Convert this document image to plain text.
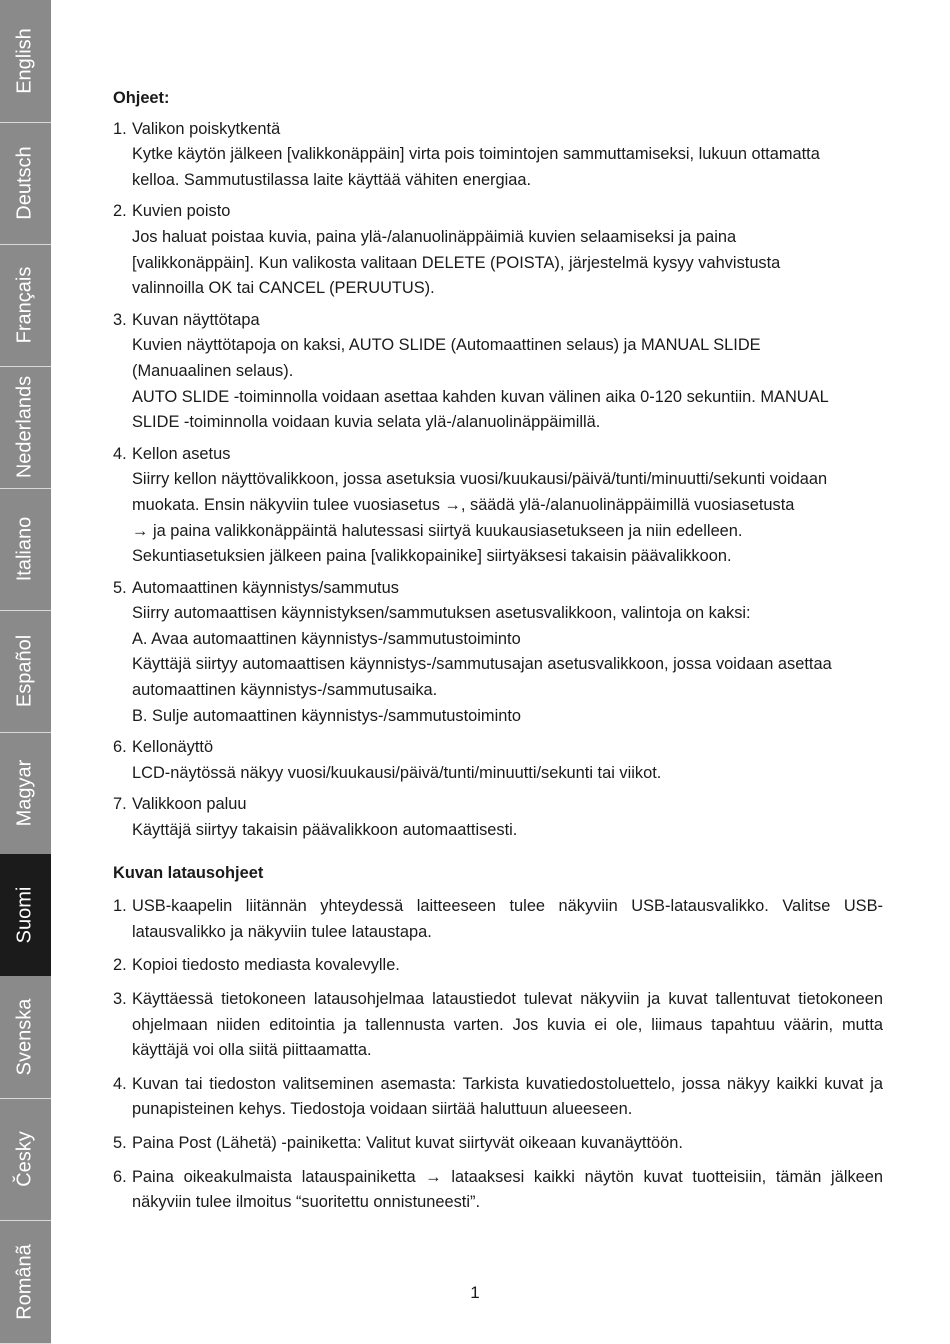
English
Deutsch
Français
Nederlands
Italiano
Español
Magyar
Suomi
Svenska
Česky
Românã
Ohjeet:
1. Valikon poiskytkentä
Kytke käytön jälkeen [valikkonäppäin] virta pois toimintojen sammuttamiseksi, lukuun ottamatta
kelloa. Sammutustilassa laite käyttää vähiten energiaa.
2. Kuvien poisto
Jos haluat poistaa kuvia, paina ylä-/alanuolinäppäimiä kuvien selaamiseksi ja paina
[valikkonäppäin]. Kun valikosta valitaan DELETE (POISTA), järjestelmä kysyy vahvistusta
valinnoilla OK tai CANCEL (PERUUTUS).
3. Kuvan näyttötapa
Kuvien näyttötapoja on kaksi, AUTO SLIDE (Automaattinen selaus) ja MANUAL SLIDE
(Manuaalinen selaus).
AUTO SLIDE -toiminnolla voidaan asettaa kahden kuvan välinen aika 0-120 sekuntiin. MANUAL
SLIDE -toiminnolla voidaan kuvia selata ylä-/alanuolinäppäimillä.
4. Kellon asetus
Siirry kellon näyttövalikkoon, jossa asetuksia vuosi/kuukausi/päivä/tunti/minuutti/sekunti voidaan
muokata. Ensin näkyviin tulee vuosiasetus →, säädä ylä-/alanuolinäppäimillä vuosiasetusta
→ ja paina valikkonäppäintä halutessasi siirtyä kuukausiasetukseen ja niin edelleen.
Sekuntiasetuksien jälkeen paina [valikkopainike] siirtyäksesi takaisin päävalikkoon.
5. Automaattinen käynnistys/sammutus
Siirry automaattisen käynnistyksen/sammutuksen asetusvalikkoon, valintoja on kaksi:
A. Avaa automaattinen käynnistys-/sammutustoiminto
Käyttäjä siirtyy automaattisen käynnistys-/sammutusajan asetusvalikkoon, jossa voidaan asettaa
automaattinen käynnistys-/sammutusaika.
B. Sulje automaattinen käynnistys-/sammutustoiminto
6. Kellonäyttö
LCD-näytössä näkyy vuosi/kuukausi/päivä/tunti/minuutti/sekunti tai viikot.
7. Valikkoon paluu
Käyttäjä siirtyy takaisin päävalikkoon automaattisesti.
Kuvan latausohjeet
1. USB-kaapelin liitännän yhteydessä laitteeseen tulee näkyviin USB-latausvalikko. Valitse USB-latausvalikko ja näkyviin tulee lataustapa.
2. Kopioi tiedosto mediasta kovalevylle.
3. Käyttäessä tietokoneen latausohjelmaa lataustiedot tulevat näkyviin ja kuvat tallentuvat tietokoneen ohjelmaan niiden editointia ja tallennusta varten. Jos kuvia ei ole, liimaus tapahtuu väärin, mutta käyttäjä voi olla siitä piittaamatta.
4. Kuvan tai tiedoston valitseminen asemasta: Tarkista kuvatiedostoluettelo, jossa näkyy kaikki kuvat ja punapisteinen kehys. Tiedostoja voidaan siirtää haluttuun alueeseen.
5. Paina Post (Lähetä) -painiketta: Valitut kuvat siirtyvät oikeaan kuvanäyttöön.
6. Paina oikeakulmaista latauspainiketta → lataaksesi kaikki näytön kuvat tuotteisiin, tämän jälkeen näkyviin tulee ilmoitus “suoritettu onnistuneesti”.
1
